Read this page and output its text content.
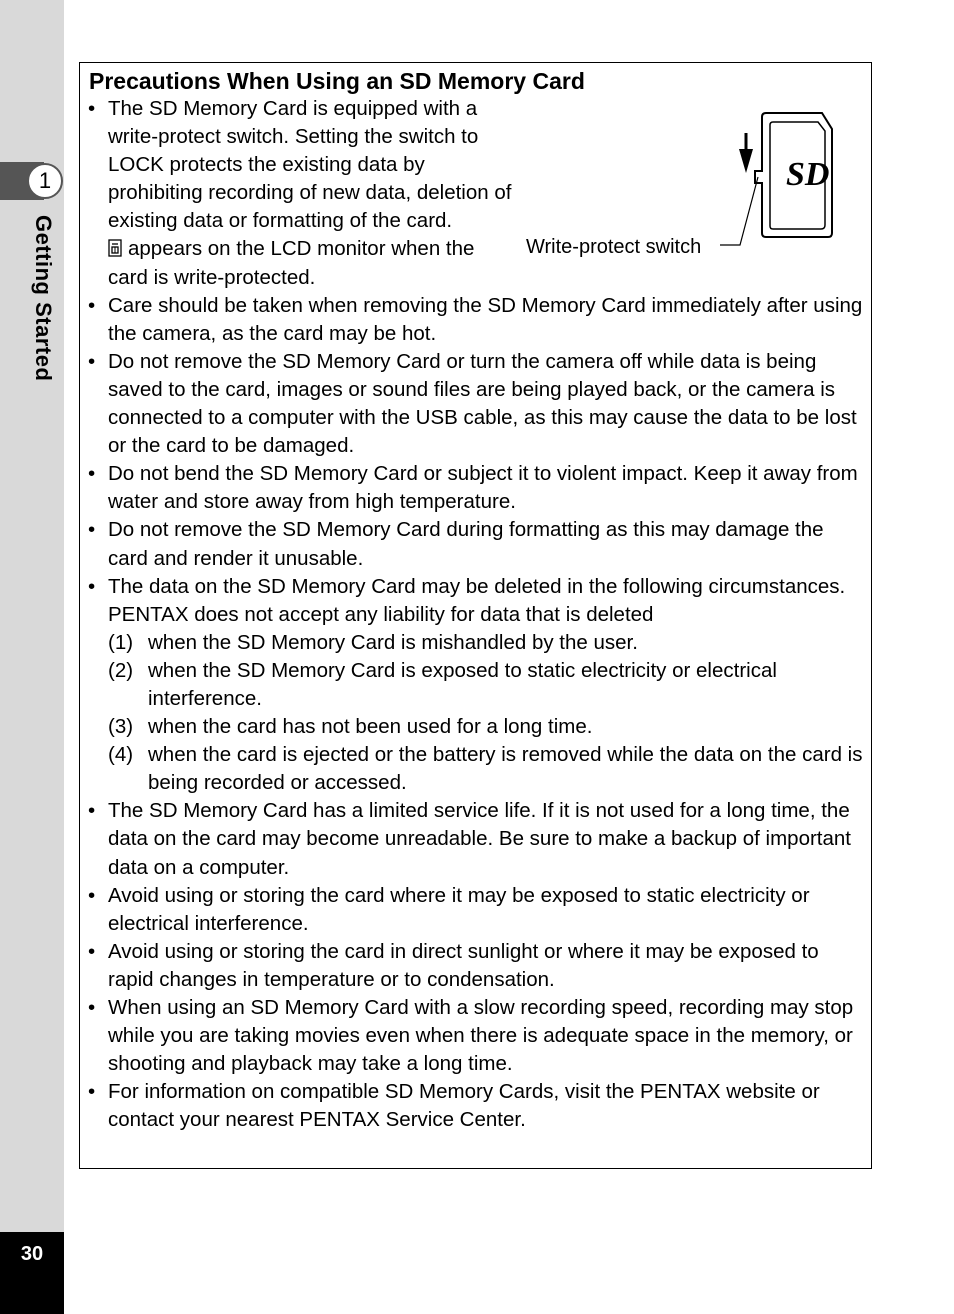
1
Getting Started
30
Precautions When Using an SD Memory Card
• The SD Memory Card is equipped with a write-protect switch. Setting the switch to LOCK protects the existing data by prohibiting recording of new data, deletion of existing data or formatting of the card.
appears on the LCD monitor when the card is write-protected.
• Care should be taken when removing the SD Memory Card immediately after using the camera, as the card may be hot.
• Do not remove the SD Memory Card or turn the camera off while data is being saved to the card, images or sound files are being played back, or the camera is connected to a computer with the USB cable, as this may cause the data to be lost or the card to be damaged.
• Do not bend the SD Memory Card or subject it to violent impact. Keep it away from water and store away from high temperature.
• Do not remove the SD Memory Card during formatting as this may damage the card and render it unusable.
• The data on the SD Memory Card may be deleted in the following circumstances. PENTAX does not accept any liability for data that is deleted
(1) when the SD Memory Card is mishandled by the user.
(2) when the SD Memory Card is exposed to static electricity or electrical interference.
(3) when the card has not been used for a long time.
(4) when the card is ejected or the battery is removed while the data on the card is being recorded or accessed.
• The SD Memory Card has a limited service life. If it is not used for a long time, the data on the card may become unreadable. Be sure to make a backup of important data on a computer.
• Avoid using or storing the card where it may be exposed to static electricity or electrical interference.
• Avoid using or storing the card in direct sunlight or where it may be exposed to rapid changes in temperature or to condensation.
• When using an SD Memory Card with a slow recording speed, recording may stop while you are taking movies even when there is adequate space in the memory, or shooting and playback may take a long time.
• For information on compatible SD Memory Cards, visit the PENTAX website or contact your nearest PENTAX Service Center.
SD
Write-protect switch
